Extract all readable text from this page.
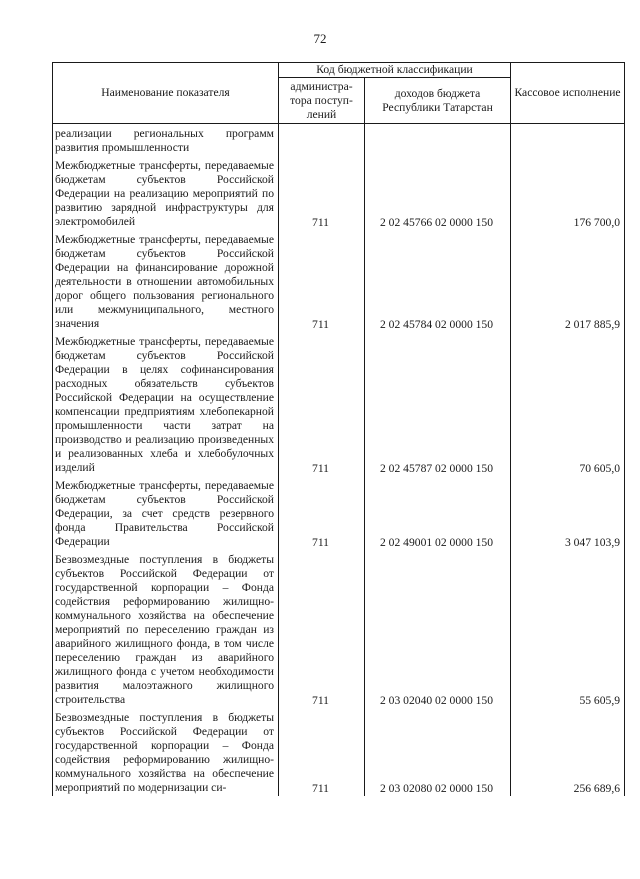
72
Наименование показателя	Код бюджетной классификации		Кассовое исполнение
	администра-тора поступ-лений	доходов бюджета Республики Татарстан	

реализации региональных программ развития промышленности			

Межбюджетные трансферты, передаваемые бюджетам субъектов Российской Федерации на реализацию мероприятий по развитию зарядной инфраструктуры для электромобилей	711	2 02 45766 02 0000 150	176 700,0

Межбюджетные трансферты, передаваемые бюджетам субъектов Российской Федерации на финансирование дорожной деятельности в отношении автомобильных дорог общего пользования регионального или межмуниципального, местного значения	711	2 02 45784 02 0000 150	2 017 885,9

Межбюджетные трансферты, передаваемые бюджетам субъектов Российской Федерации в целях софинансирования расходных обязательств субъектов Российской Федерации на осуществление компенсации предприятиям хлебопекарной промышленности части затрат на производство и реализацию произведенных и реализованных хлеба и хлебобулочных изделий	711	2 02 45787 02 0000 150	70 605,0

Межбюджетные трансферты, передаваемые бюджетам субъектов Российской Федерации, за счет средств резервного фонда Правительства Российской Федерации	711	2 02 49001 02 0000 150	3 047 103,9

Безвозмездные поступления в бюджеты субъектов Российской Федерации от государственной корпорации – Фонда содействия реформированию жилищно-коммунального хозяйства на обеспечение мероприятий по переселению граждан из аварийного жилищного фонда, в том числе переселению граждан из аварийного жилищного фонда с учетом необходимости развития малоэтажного жилищного строительства	711	2 03 02040 02 0000 150	55 605,9

Безвозмездные поступления в бюджеты субъектов Российской Федерации от государственной корпорации – Фонда содействия реформированию жилищно-коммунального хозяйства на обеспечение мероприятий по модернизации си-	711	2 03 02080 02 0000 150	256 689,6
